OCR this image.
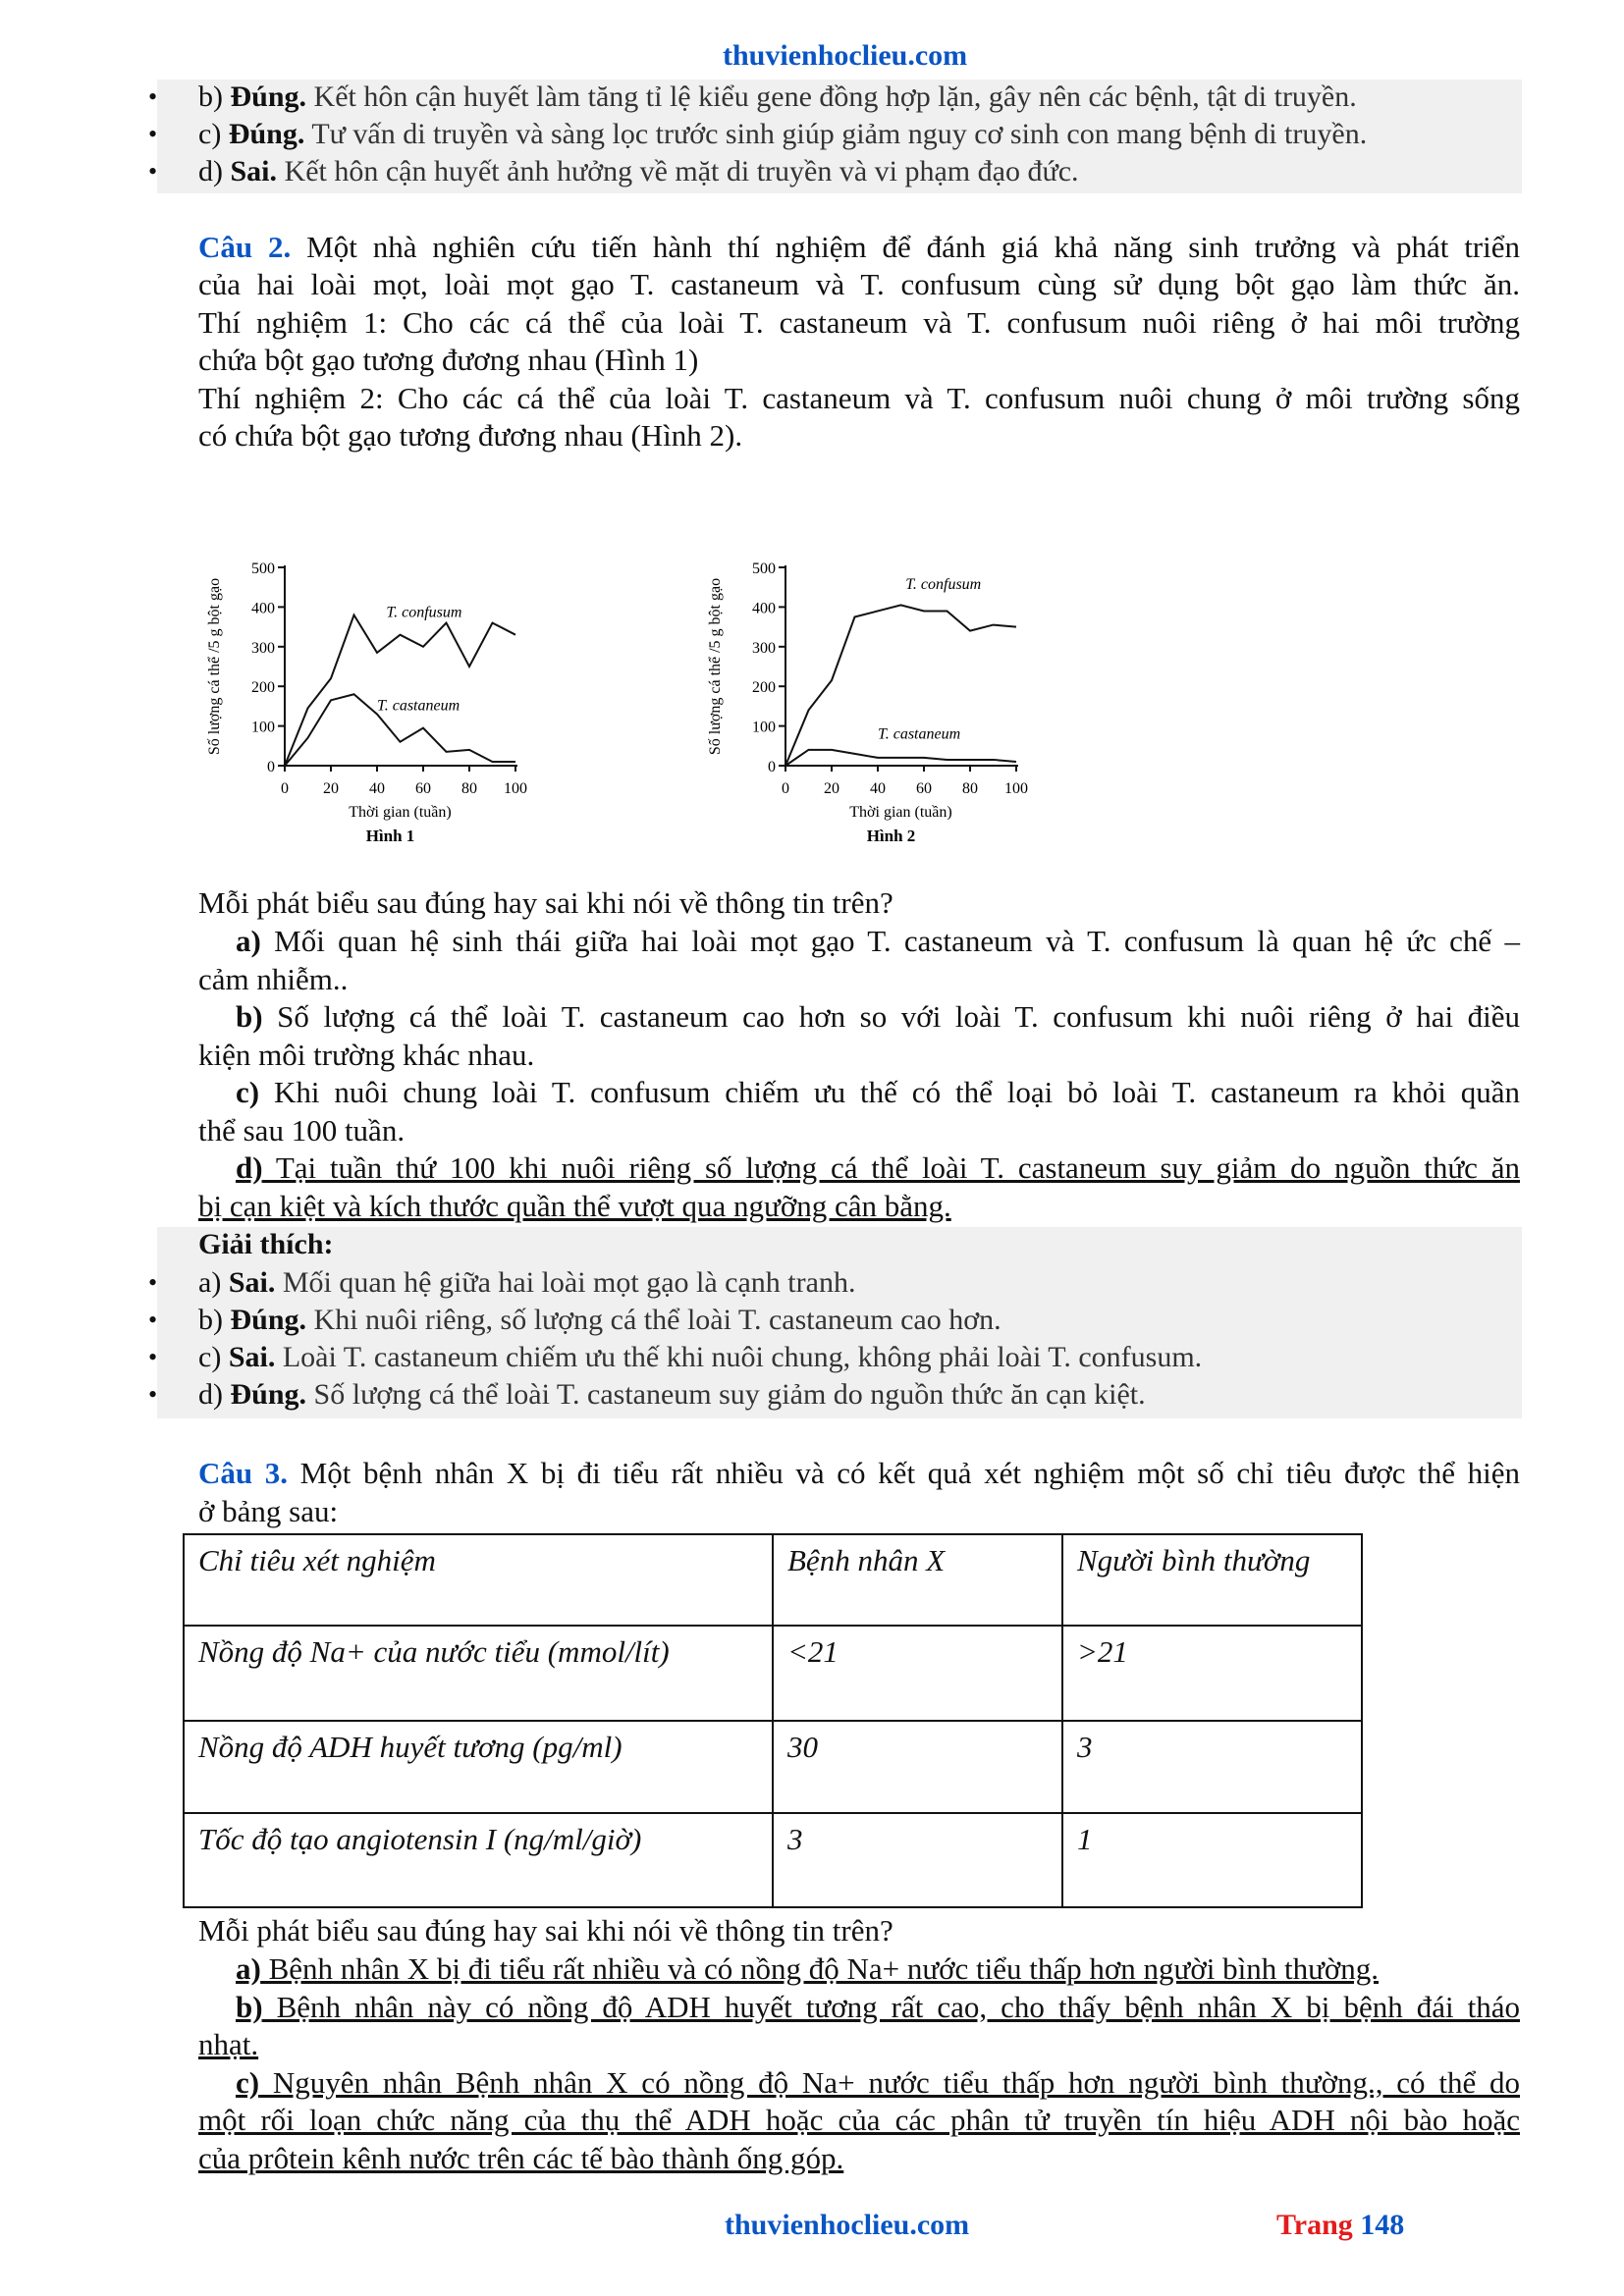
thuvienhoclieu.com
• b) Đúng. Kết hôn cận huyết làm tăng tỉ lệ kiểu gene đồng hợp lặn, gây nên các bệnh, tật di truyền.
• c) Đúng. Tư vấn di truyền và sàng lọc trước sinh giúp giảm nguy cơ sinh con mang bệnh di truyền.
• d) Sai. Kết hôn cận huyết ảnh hưởng về mặt di truyền và vi phạm đạo đức.
Câu 2. Một nhà nghiên cứu tiến hành thí nghiệm để đánh giá khả năng sinh trưởng và phát triển
của hai loài mọt, loài mọt gạo T. castaneum và T. confusum cùng sử dụng bột gạo làm thức ăn.
Thí nghiệm 1: Cho các cá thể của loài T. castaneum và T. confusum nuôi riêng ở hai môi trường
chứa bột gạo tương đương nhau (Hình 1)
Thí nghiệm 2: Cho các cá thể của loài T. castaneum và T. confusum nuôi chung ở môi trường sống
có chứa bột gạo tương đương nhau (Hình 2).
0
100
200
300
400
500
0 20 40 60 80 100
Thời gian (tuần)
Số lượng cá thể /5 g bột gạo	T. confusum
T. castaneum
Hình 1
0
100
200
300
400
500
0 20 40 60 80 100
Thời gian (tuần)
Số lượng cá thể /5 g bột gạo	T. confusum
T. castaneum
Hình 2
Mỗi phát biểu sau đúng hay sai khi nói về thông tin trên?
a) Mối quan hệ sinh thái giữa hai loài mọt gạo T. castaneum và T. confusum là quan hệ ức chế –
cảm nhiễm..
b) Số lượng cá thể loài T. castaneum cao hơn so với loài T. confusum khi nuôi riêng ở hai điều
kiện môi trường khác nhau.
c) Khi nuôi chung loài T. confusum chiếm ưu thế có thể loại bỏ loài T. castaneum ra khỏi quần
thể sau 100 tuần.
d) Tại tuần thứ 100 khi nuôi riêng số lượng cá thể loài T. castaneum suy giảm do nguồn thức ăn
bị cạn kiệt và kích thước quần thể vượt qua ngưỡng cân bằng.
Giải thích:
• a) Sai. Mối quan hệ giữa hai loài mọt gạo là cạnh tranh.
• b) Đúng. Khi nuôi riêng, số lượng cá thể loài T. castaneum cao hơn.
• c) Sai. Loài T. castaneum chiếm ưu thế khi nuôi chung, không phải loài T. confusum.
• d) Đúng. Số lượng cá thể loài T. castaneum suy giảm do nguồn thức ăn cạn kiệt.
Câu 3. Một bệnh nhân X bị đi tiểu rất nhiều và có kết quả xét nghiệm một số chỉ tiêu được thể hiện
ở bảng sau:
Chỉ tiêu xét nghiệm	Bệnh nhân X	Người bình thường
Nồng độ Na+ của nước tiểu (mmol/lít)	<21	>21
Nồng độ ADH huyết tương (pg/ml)	30	3
Tốc độ tạo angiotensin I (ng/ml/giờ)	3	1
Mỗi phát biểu sau đúng hay sai khi nói về thông tin trên?
a) Bệnh nhân X bị đi tiểu rất nhiều và có nồng độ Na+ nước tiểu thấp hơn người bình thường.
b) Bệnh nhân này có nồng độ ADH huyết tương rất cao, cho thấy bệnh nhân X bị bệnh đái tháo
nhạt.
c) Nguyên nhân Bệnh nhân X có nồng độ Na+ nước tiểu thấp hơn người bình thường., có thể do
một rối loạn chức năng của thụ thể ADH hoặc của các phân tử truyền tín hiệu ADH nội bào hoặc
của prôtein kênh nước trên các tế bào thành ống góp.
thuvienhoclieu.com	Trang 148
